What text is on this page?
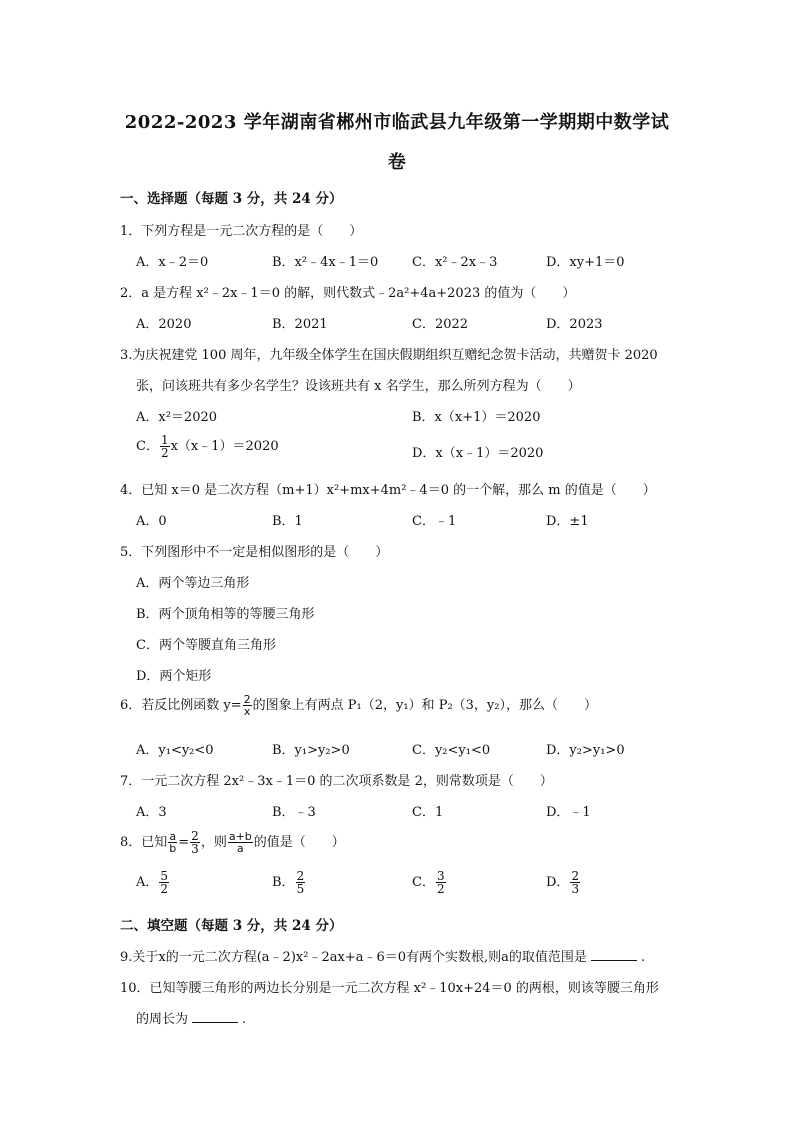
2022-2023 学年湖南省郴州市临武县九年级第一学期期中数学试
卷
一、选择题（每题 3 分，共 24 分）
1．下列方程是一元二次方程的是（　　）
A．x﹣2＝0	B．x²﹣4x﹣1＝0	C．x²﹣2x﹣3	D．xy+1＝0
2．a 是方程 x²﹣2x﹣1＝0 的解，则代数式﹣2a²+4a+2023 的值为（　　）
A．2020	B．2021	C．2022	D．2023
3.为庆祝建党 100 周年，九年级全体学生在国庆假期组织互赠纪念贺卡活动，共赠贺卡 2020
张，问该班共有多少名学生？设该班共有 x 名学生，那么所列方程为（　　）
A．x²＝2020	B．x（x+1）＝2020
C． $\frac{1}{2}$ x（x﹣1）＝2020	D．x（x﹣1）＝2020
4．已知 x＝0 是二次方程（m+1）x²+mx+4m²﹣4＝0 的一个解，那么 m 的值是（　　）
A．0	B．1	C．﹣1	D．±1
5．下列图形中不一定是相似图形的是（　　）
A．两个等边三角形
B．两个顶角相等的等腰三角形
C．两个等腰直角三角形
D．两个矩形
6．若反比例函数 $y= \frac{2}{x}$ 的图象上有两点 P₁（2，y₁）和 P₂（3，y₂），那么（　　）
A．y₁<y₂<0	B．y₁>y₂>0	C．y₂<y₁<0	D．y₂>y₁>0
7．一元二次方程 2x²﹣3x﹣1＝0 的二次项系数是 2，则常数项是（　　）
A．3	B．﹣3	C．1	D．﹣1
8．已知 $\frac{a}{b} = \frac{2}{3}$ ，则 $\frac{a+b}{a}$ 的值是（　　）
A． $\frac{5}{2}$	B． $\frac{2}{5}$	C． $\frac{3}{2}$	D． $\frac{2}{3}$
二、填空题（每题 3 分，共 24 分）
9.关于x的一元二次方程(a﹣2)x²﹣2ax+a﹣6＝0有两个实数根,则a的取值范围是	.
10．已知等腰三角形的两边长分别是一元二次方程 x²﹣10x+24＝0 的两根，则该等腰三角形
的周长为	.
